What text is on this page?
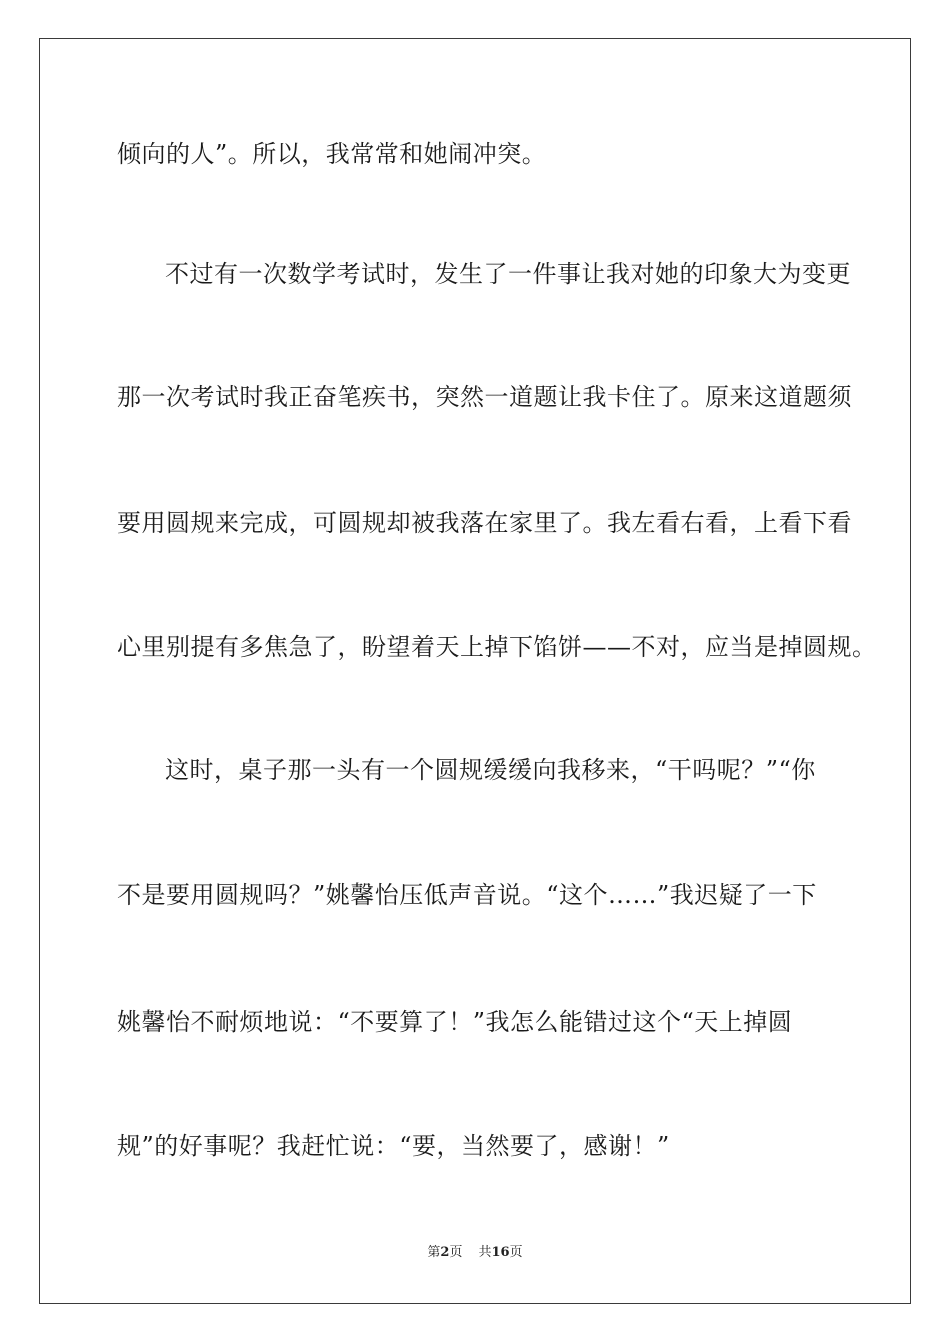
倾向的人”。所以，我常常和她闹冲突。
不过有一次数学考试时，发生了一件事让我对她的印象大为变更
那一次考试时我正奋笔疾书，突然一道题让我卡住了。原来这道题须
要用圆规来完成，可圆规却被我落在家里了。我左看右看，上看下看
心里别提有多焦急了，盼望着天上掉下馅饼——不对，应当是掉圆规。
这时，桌子那一头有一个圆规缓缓向我移来，“干吗呢？”“你
不是要用圆规吗？”姚馨怡压低声音说。“这个……”我迟疑了一下
姚馨怡不耐烦地说：“不要算了！”我怎么能错过这个“天上掉圆
规”的好事呢？我赶忙说：“要，当然要了，感谢！”
第2页 共16页
